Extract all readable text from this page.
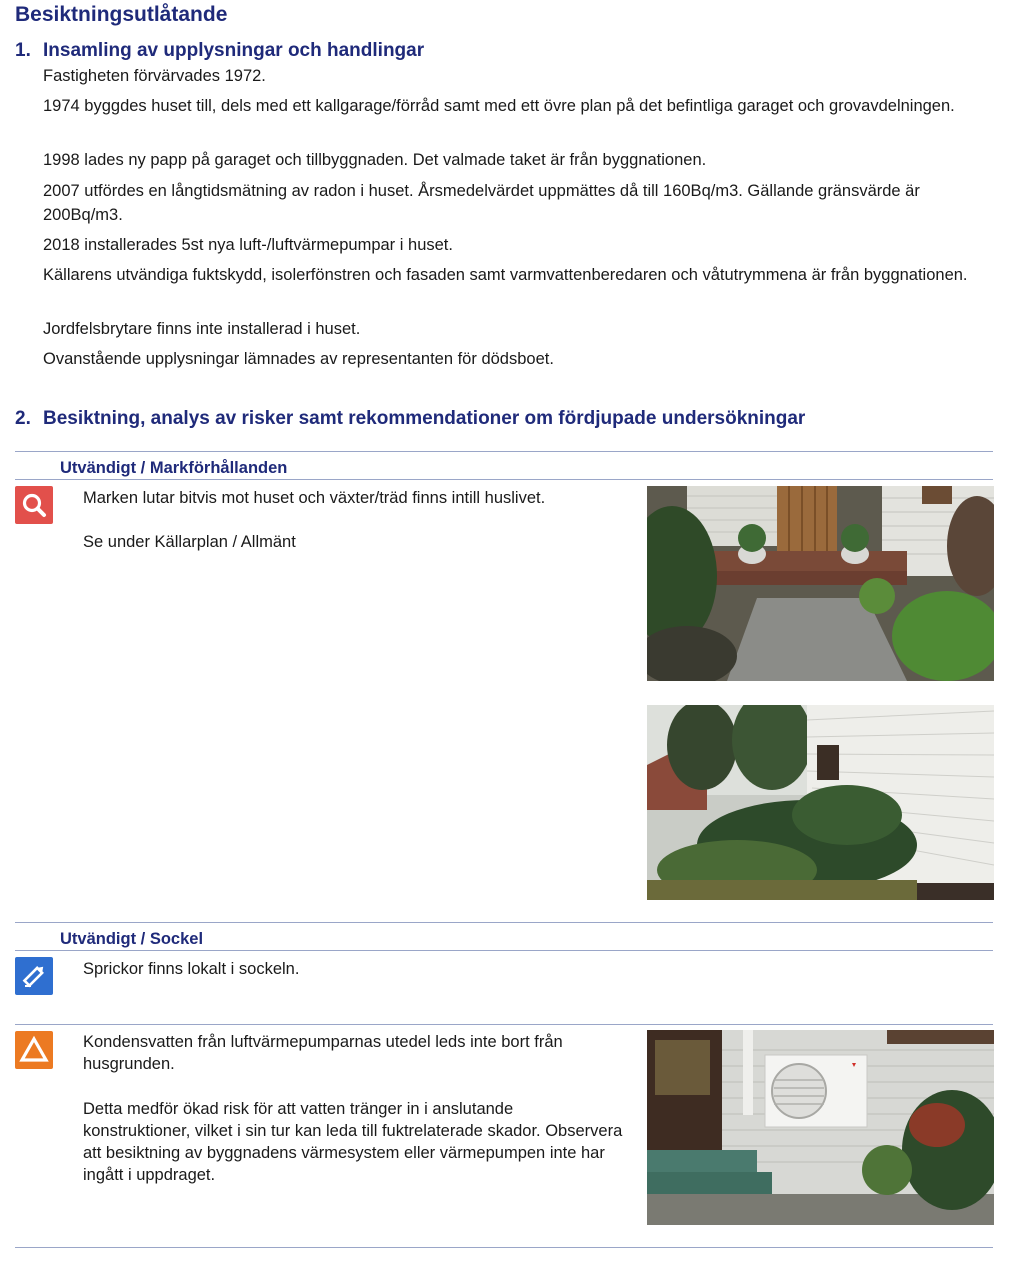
Besiktningsutlåtande
1. Insamling av upplysningar och handlingar
Fastigheten förvärvades 1972.
1974 byggdes huset till, dels med ett kallgarage/förråd samt med ett övre plan på det befintliga garaget och grovavdelningen.
1998 lades ny papp på garaget och tillbyggnaden. Det valmade taket är från byggnationen.
2007 utfördes en långtidsmätning av radon i huset. Årsmedelvärdet uppmättes då till 160Bq/m3. Gällande gränsvärde är 200Bq/m3.
2018 installerades 5st nya luft-/luftvärmepumpar i huset.
Källarens utvändiga fuktskydd, isolerfönstren och fasaden samt varmvattenberedaren och våtutrymmena är från byggnationen.
Jordfelsbrytare finns inte installerad i huset.
Ovanstående upplysningar lämnades av representanten för dödsboet.
2. Besiktning, analys av risker samt rekommendationer om fördjupade undersökningar
Utvändigt / Markförhållanden
Marken lutar bitvis mot huset och växter/träd finns intill huslivet.
Se under Källarplan / Allmänt
Utvändigt / Sockel
Sprickor finns lokalt i sockeln.
Kondensvatten från luftvärmepumparnas utedel leds inte bort från husgrunden.
Detta medför ökad risk för att vatten tränger in i anslutande konstruktioner, vilket i sin tur kan leda till fuktrelaterade skador. Observera att besiktning av byggnadens värmesystem eller värmepumpen inte har ingått i uppdraget.
